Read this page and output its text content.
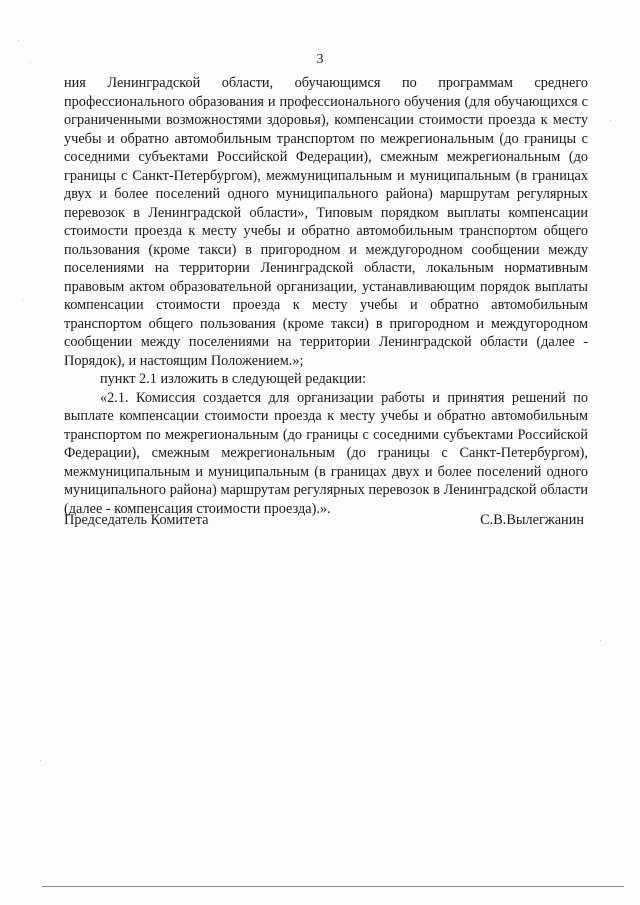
3

ния Ленинградской области, обучающимся по программам среднего профессионального образования и профессионального обучения (для обучающихся с ограниченными возможностями здоровья), компенсации стоимости проезда к месту учебы и обратно автомобильным транспортом по межрегиональным (до границы с соседними субъектами Российской Федерации), смежным межрегиональным (до границы с Санкт-Петербургом), межмуниципальным и муниципальным (в границах двух и более поселений одного муниципального района) маршрутам регулярных перевозок в Ленинградской области», Типовым порядком выплаты компенсации стоимости проезда к месту учебы и обратно автомобильным транспортом общего пользования (кроме такси) в пригородном и междугородном сообщении между поселениями на территории Ленинградской области, локальным нормативным правовым актом образовательной организации, устанавливающим порядок выплаты компенсации стоимости проезда к месту учебы и обратно автомобильным транспортом общего пользования (кроме такси) в пригородном и междугородном сообщении между поселениями на территории Ленинградской области (далее - Порядок), и настоящим Положением.»;

пункт 2.1 изложить в следующей редакции:

«2.1. Комиссия создается для организации работы и принятия решений по выплате компенсации стоимости проезда к месту учебы и обратно автомобильным транспортом по межрегиональным (до границы с соседними субъектами Российской Федерации), смежным межрегиональным (до границы с Санкт-Петербургом), межмуниципальным и муниципальным (в границах двух и более поселений одного муниципального района) маршрутам регулярных перевозок в Ленинградской области (далее - компенсация стоимости проезда).».

Председатель Комитета	С.В.Вылегжанин
